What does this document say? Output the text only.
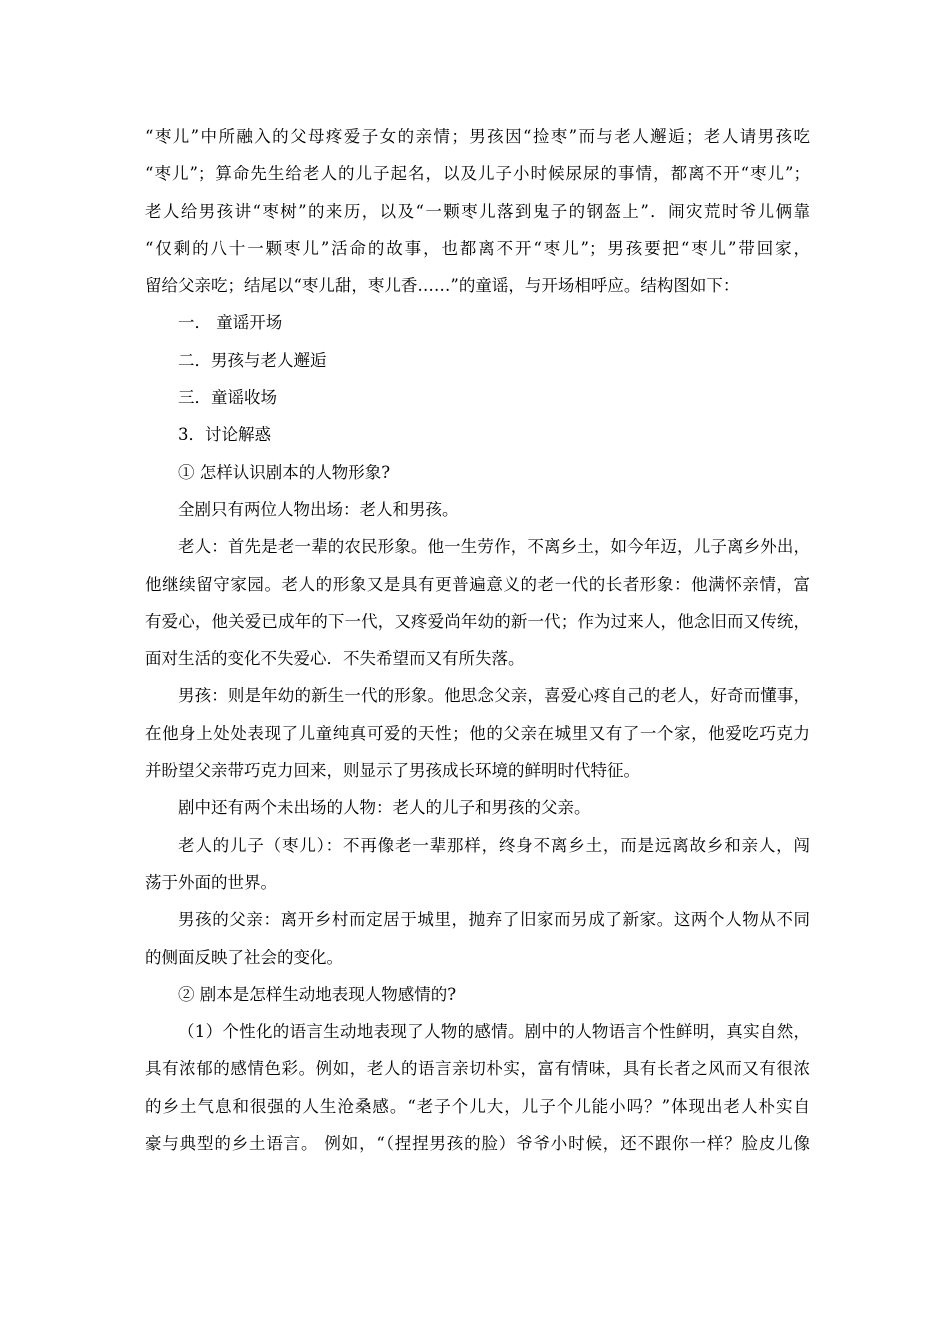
“枣儿”中所融入的父母疼爱子女的亲情；男孩因“捡枣”而与老人邂逅；老人请男孩吃
“枣儿”；算命先生给老人的儿子起名，以及儿子小时候尿尿的事情，都离不开“枣儿”；
老人给男孩讲“枣树”的来历，以及“一颗枣儿落到鬼子的钢盔上”．闹灾荒时爷儿俩靠
“仅剩的八十一颗枣儿”活命的故事，也都离不开“枣儿”；男孩要把“枣儿”带回家，
留给父亲吃；结尾以“枣儿甜，枣儿香……”的童谣，与开场相呼应。结构图如下：
一． 童谣开场
二．男孩与老人邂逅
三．童谣收场
3．讨论解惑
① 怎样认识剧本的人物形象?
全剧只有两位人物出场：老人和男孩。
老人：首先是老一辈的农民形象。他一生劳作，不离乡土，如今年迈，儿子离乡外出，
他继续留守家园。老人的形象又是具有更普遍意义的老一代的长者形象：他满怀亲情，富
有爱心，他关爱已成年的下一代，又疼爱尚年幼的新一代；作为过来人，他念旧而又传统，
面对生活的变化不失爱心．不失希望而又有所失落。
男孩：则是年幼的新生一代的形象。他思念父亲，喜爱心疼自己的老人，好奇而懂事，
在他身上处处表现了儿童纯真可爱的天性；他的父亲在城里又有了一个家，他爱吃巧克力
并盼望父亲带巧克力回来，则显示了男孩成长环境的鲜明时代特征。
剧中还有两个未出场的人物：老人的儿子和男孩的父亲。
老人的儿子（枣儿）：不再像老一辈那样，终身不离乡土，而是远离故乡和亲人，闯
荡于外面的世界。
男孩的父亲：离开乡村而定居于城里，抛弃了旧家而另成了新家。这两个人物从不同
的侧面反映了社会的变化。
② 剧本是怎样生动地表现人物感情的?
（1）个性化的语言生动地表现了人物的感情。剧中的人物语言个性鲜明，真实自然，
具有浓郁的感情色彩。例如，老人的语言亲切朴实，富有情味，具有长者之风而又有很浓
的乡土气息和很强的人生沧桑感。“老子个儿大，儿子个儿能小吗？”体现出老人朴实自
豪与典型的乡土语言。 例如，“（捏捏男孩的脸）爷爷小时候，还不跟你一样？脸皮儿像
